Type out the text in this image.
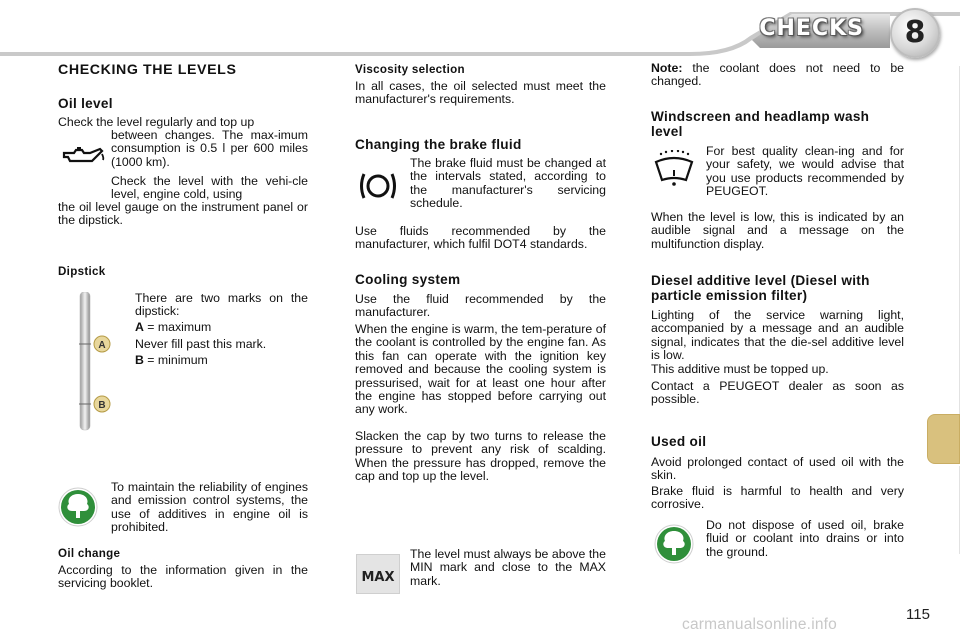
CHECKS	8
CHECKING THE LEVELS
Oil level
Check the level regularly and top up
between changes. The max-imum consumption is 0.5 l per 600 miles (1000 km).
Check the level with the vehi-cle level, engine cold, using
the oil level gauge on the instrument panel or the dipstick.
Dipstick
There are two marks on the dipstick:
A = maximum
Never fill past this mark.
B = minimum
A
B
To maintain the reliability of engines and emission control systems, the use of additives in engine oil is prohibited.
Oil change
According to the information given in the servicing booklet.
Viscosity selection
In all cases, the oil selected must meet the manufacturer's requirements.
Changing the brake fluid
The brake fluid must be changed at the intervals stated, according to the manufacturer's servicing schedule.
Use fluids recommended by the manufacturer, which fulfil DOT4 standards.
Cooling system
Use the fluid recommended by the manufacturer.
When the engine is warm, the tem-perature of the coolant is controlled by the engine fan. As this fan can operate with the ignition key removed and because the cooling system is pressurised, wait for at least one hour after the engine has stopped before carrying out any work.
Slacken the cap by two turns to release the pressure to prevent any risk of scalding. When the pressure has dropped, remove the cap and top up the level.
MAX
The level must always be above the MIN mark and close to the MAX mark.
Note: the coolant does not need to be changed.
Windscreen and headlamp wash level
For best quality clean-ing and for your safety, we would advise that you use products recommended by PEUGEOT.
When the level is low, this is indicated by an audible signal and a message on the multifunction display.
Diesel additive level (Diesel with particle emission filter)
Lighting of the service warning light, accompanied by a message and an audible signal, indicates that the die-sel additive level is low.
This additive must be topped up.
Contact a PEUGEOT dealer as soon as possible.
Used oil
Avoid prolonged contact of used oil with the skin.
Brake fluid is harmful to health and very corrosive.
Do not dispose of used oil, brake fluid or coolant into drains or into the ground.
115
carmanualsonline.info
